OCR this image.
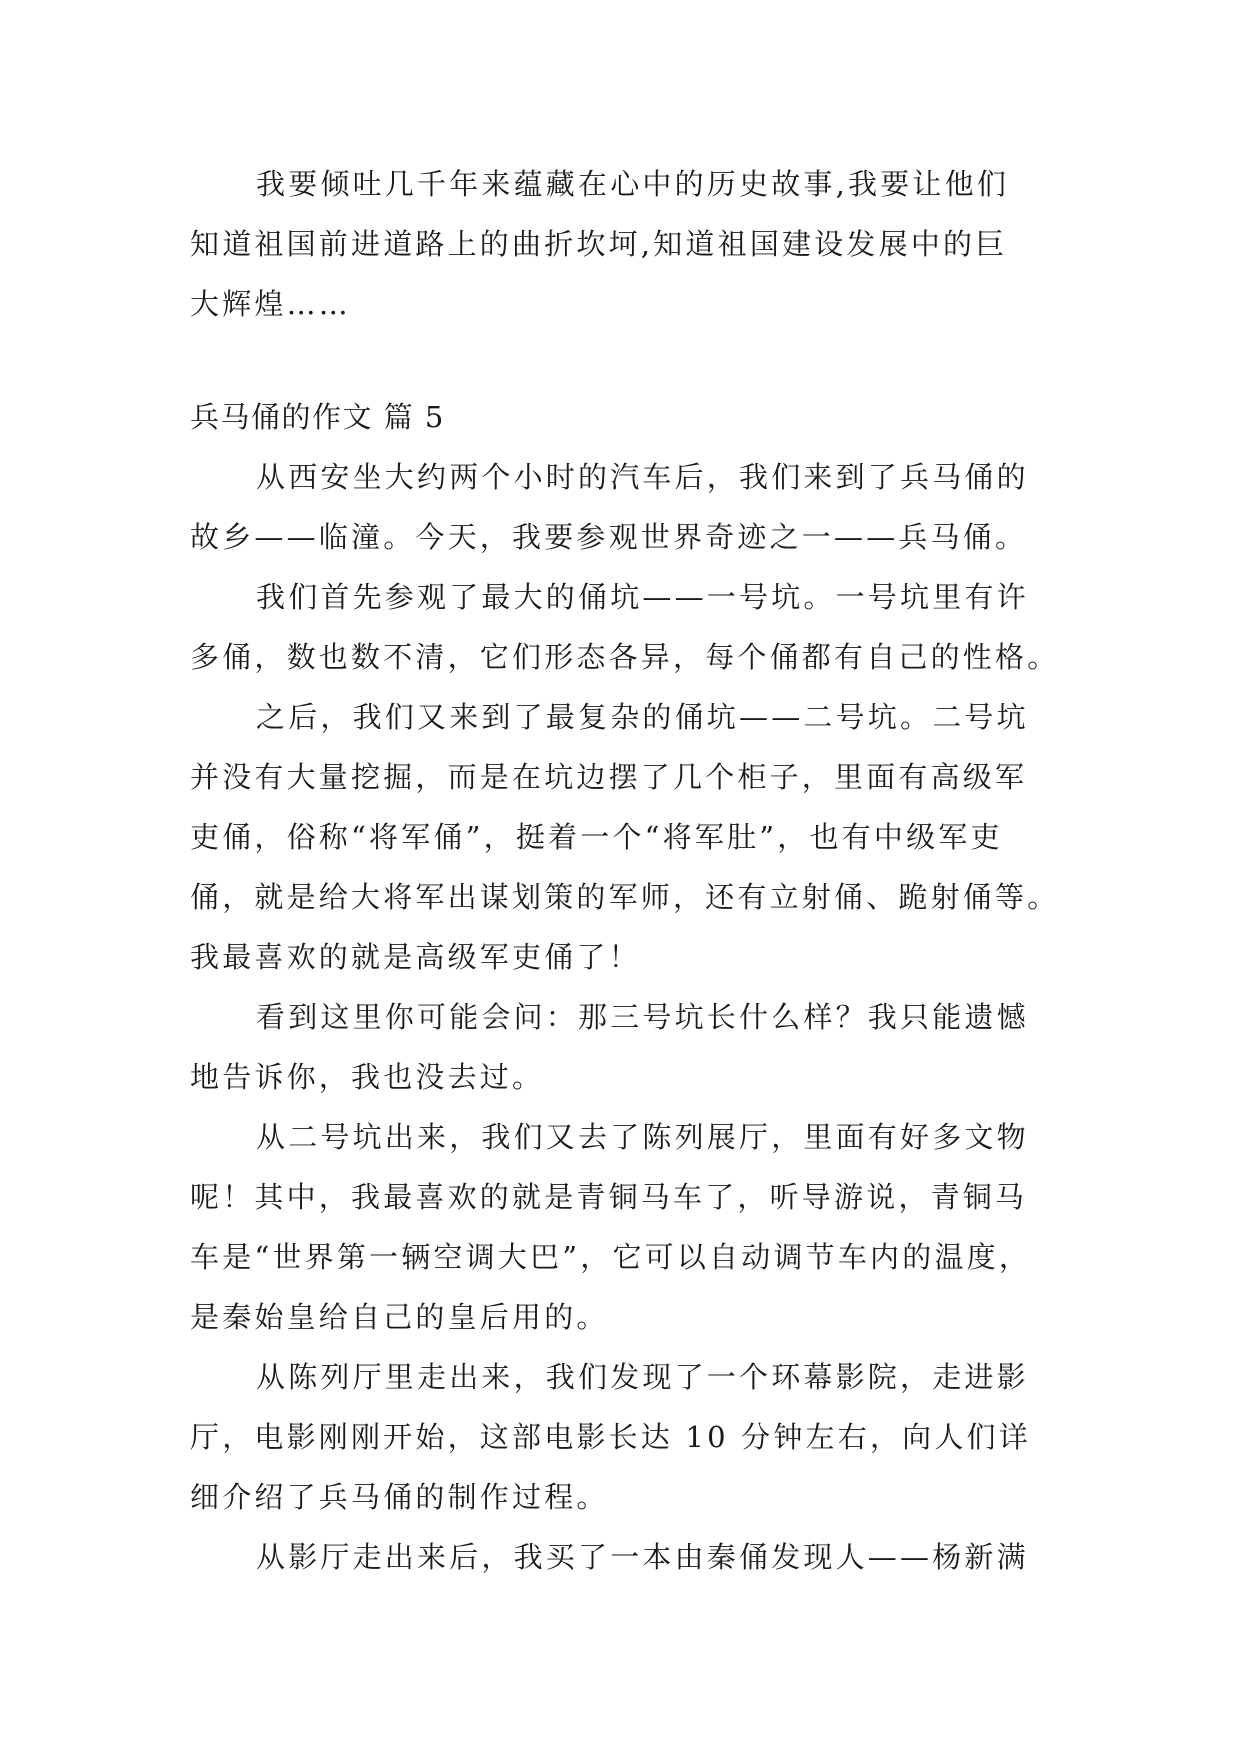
我要倾吐几千年来蕴藏在心中的历史故事,我要让他们

知道祖国前进道路上的曲折坎坷,知道祖国建设发展中的巨

大辉煌……

兵马俑的作文 篇 5

从西安坐大约两个小时的汽车后，我们来到了兵马俑的

故乡——临潼。今天，我要参观世界奇迹之一——兵马俑。

我们首先参观了最大的俑坑——一号坑。一号坑里有许

多俑，数也数不清，它们形态各异，每个俑都有自己的性格。

之后，我们又来到了最复杂的俑坑——二号坑。二号坑

并没有大量挖掘，而是在坑边摆了几个柜子，里面有高级军

吏俑，俗称“将军俑”，挺着一个“将军肚”，也有中级军吏

俑，就是给大将军出谋划策的军师，还有立射俑、跪射俑等。

我最喜欢的就是高级军吏俑了！

看到这里你可能会问：那三号坑长什么样？我只能遗憾

地告诉你，我也没去过。

从二号坑出来，我们又去了陈列展厅，里面有好多文物

呢！其中，我最喜欢的就是青铜马车了，听导游说，青铜马

车是“世界第一辆空调大巴”，它可以自动调节车内的温度，

是秦始皇给自己的皇后用的。

从陈列厅里走出来，我们发现了一个环幕影院，走进影

厅，电影刚刚开始，这部电影长达 10 分钟左右，向人们详

细介绍了兵马俑的制作过程。

从影厅走出来后，我买了一本由秦俑发现人——杨新满
